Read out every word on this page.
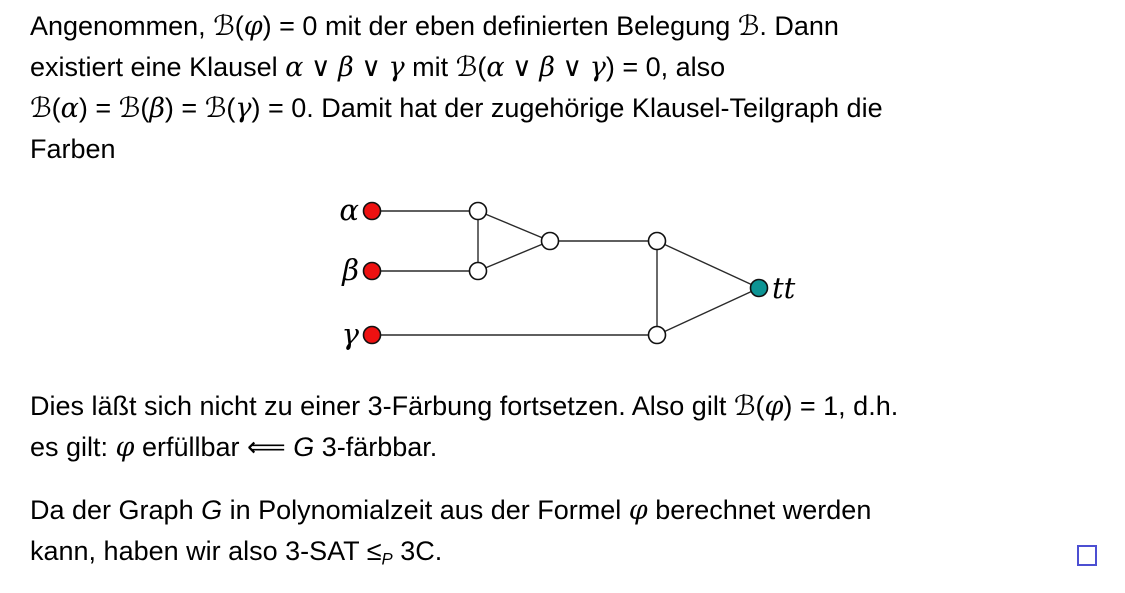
Angenommen, ℬ(φ) = 0 mit der eben definierten Belegung ℬ. Dann
existiert eine Klausel α ∨ β ∨ γ mit ℬ(α ∨ β ∨ γ) = 0, also
ℬ(α) = ℬ(β) = ℬ(γ) = 0. Damit hat der zugehörige Klausel-Teilgraph die
Farben
α
β
γ
tt
Dies läßt sich nicht zu einer 3-Färbung fortsetzen. Also gilt ℬ(φ) = 1, d.h.
es gilt: φ erfüllbar ⟸ G 3-färbbar.
Da der Graph G in Polynomialzeit aus der Formel φ berechnet werden
kann, haben wir also 3-SAT ≤P 3C.
